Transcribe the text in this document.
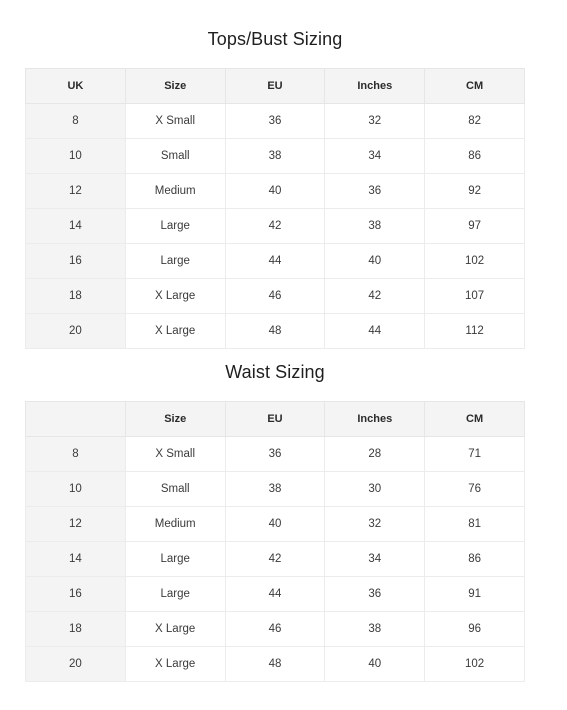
Tops/Bust Sizing
UK	Size	EU	Inches	CM
8	X Small	36	32	82
10	Small	38	34	86
12	Medium	40	36	92
14	Large	42	38	97
16	Large	44	40	102
18	X Large	46	42	107
20	X Large	48	44	112
Waist Sizing
	Size	EU	Inches	CM
8	X Small	36	28	71
10	Small	38	30	76
12	Medium	40	32	81
14	Large	42	34	86
16	Large	44	36	91
18	X Large	46	38	96
20	X Large	48	40	102
